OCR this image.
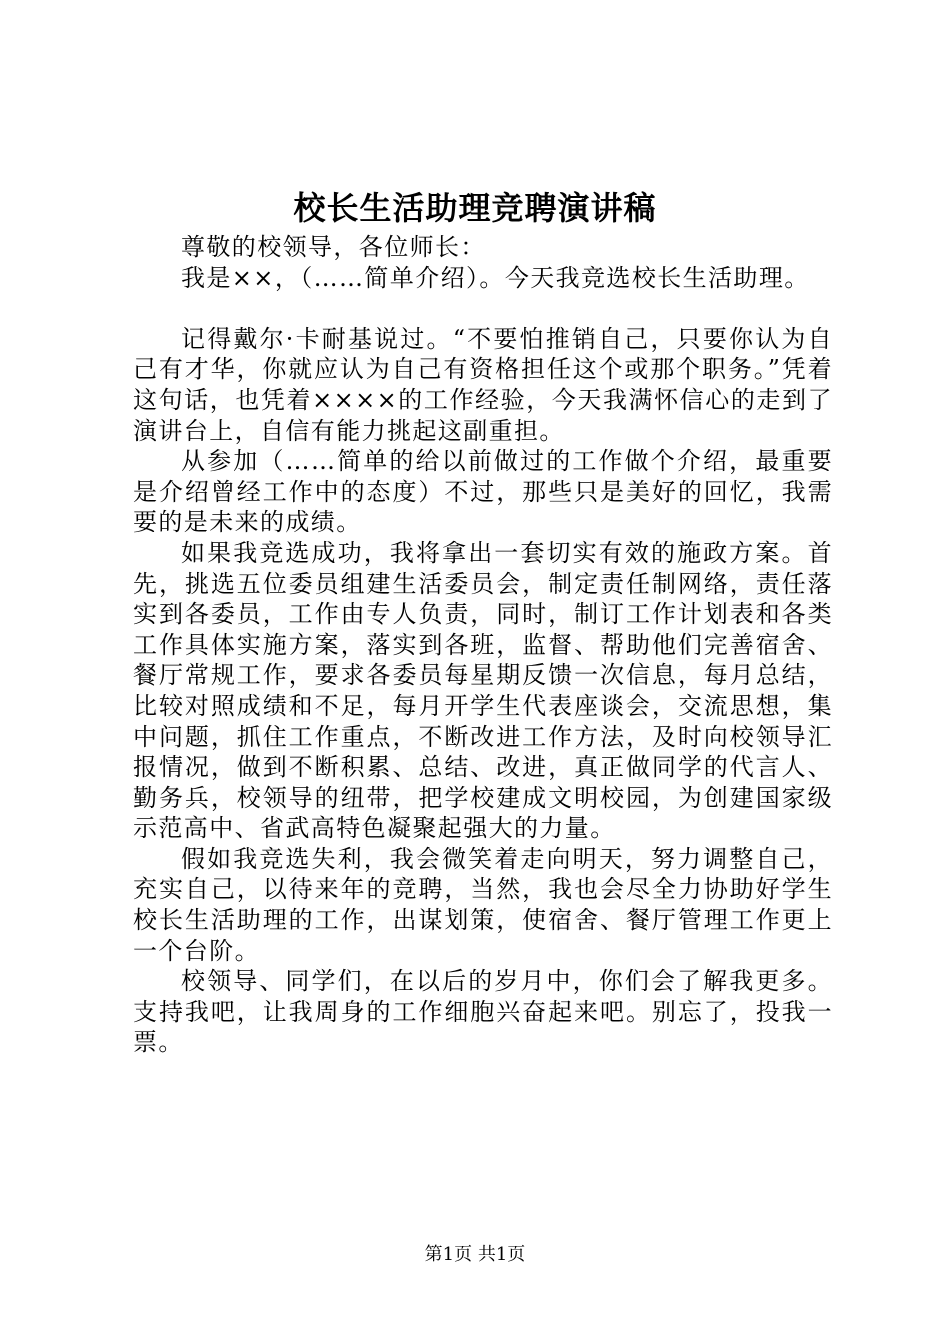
校长生活助理竞聘演讲稿

尊敬的校领导，各位师长：

我是××，（……简单介绍）。今天我竞选校长生活助理。

记得戴尔·卡耐基说过。“不要怕推销自己，只要你认为自己有才华，你就应认为自己有资格担任这个或那个职务。”凭着这句话，也凭着××××的工作经验，今天我满怀信心的走到了演讲台上，自信有能力挑起这副重担。

从参加（……简单的给以前做过的工作做个介绍，最重要是介绍曾经工作中的态度）不过，那些只是美好的回忆，我需要的是未来的成绩。

如果我竞选成功，我将拿出一套切实有效的施政方案。首先，挑选五位委员组建生活委员会，制定责任制网络，责任落实到各委员，工作由专人负责，同时，制订工作计划表和各类工作具体实施方案，落实到各班，监督、帮助他们完善宿舍、餐厅常规工作，要求各委员每星期反馈一次信息，每月总结，比较对照成绩和不足，每月开学生代表座谈会，交流思想，集中问题，抓住工作重点，不断改进工作方法，及时向校领导汇报情况，做到不断积累、总结、改进，真正做同学的代言人、勤务兵，校领导的纽带，把学校建成文明校园，为创建国家级示范高中、省武高特色凝聚起强大的力量。

假如我竞选失利，我会微笑着走向明天，努力调整自己，充实自己，以待来年的竞聘，当然，我也会尽全力协助好学生校长生活助理的工作，出谋划策，使宿舍、餐厅管理工作更上一个台阶。

校领导、同学们，在以后的岁月中，你们会了解我更多。支持我吧，让我周身的工作细胞兴奋起来吧。别忘了，投我一票。

第1页 共1页
